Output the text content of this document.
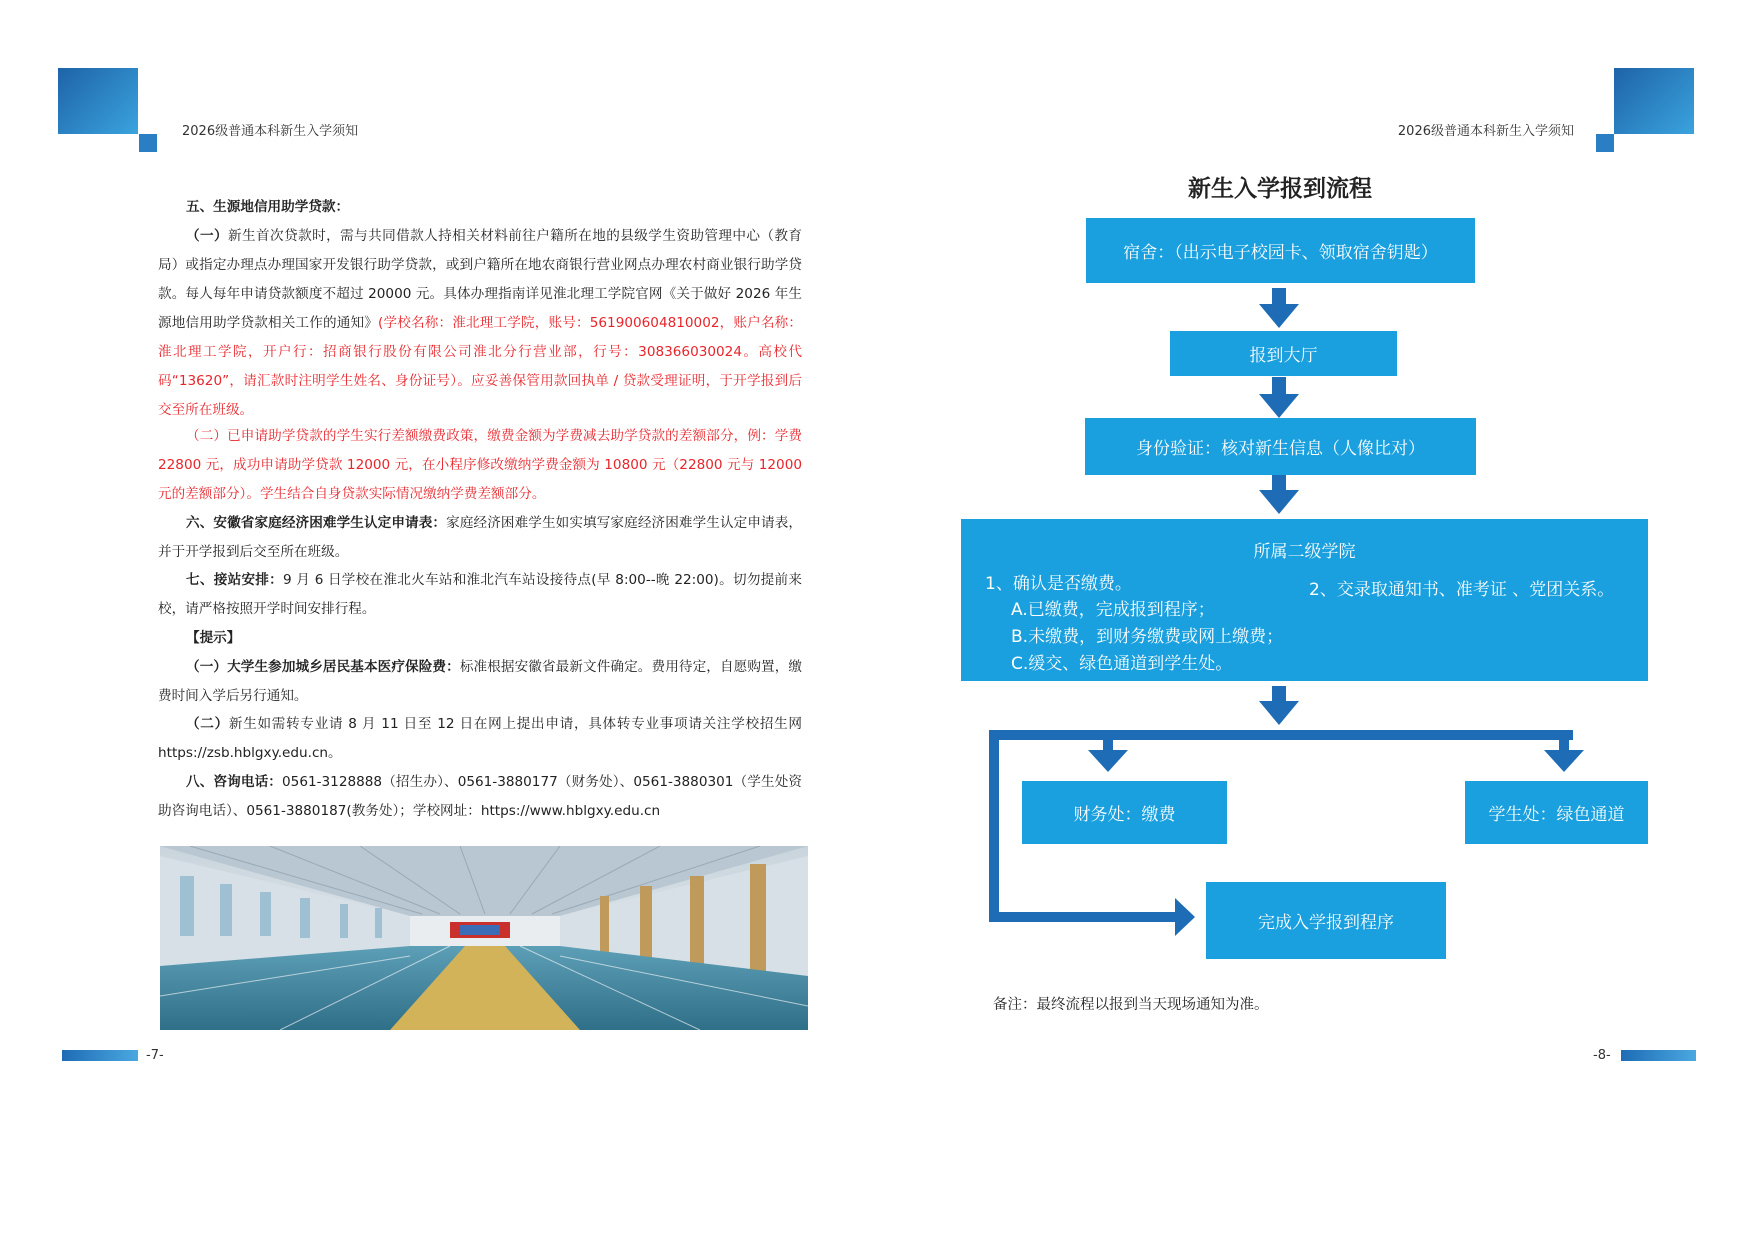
2026级普通本科新生入学须知	2026级普通本科新生入学须知

五、生源地信用助学贷款：

（一）新生首次贷款时，需与共同借款人持相关材料前往户籍所在地的县级学生资助管理中心（教育局）或指定办理点办理国家开发银行助学贷款，或到户籍所在地农商银行营业网点办理农村商业银行助学贷款。每人每年申请贷款额度不超过 20000 元。具体办理指南详见淮北理工学院官网《关于做好 2026 年生源地信用助学贷款相关工作的通知》(学校名称：淮北理工学院，账号：561900604810002，账户名称：淮北理工学院，开户行：招商银行股份有限公司淮北分行营业部，行号：308366030024。高校代码“13620”，请汇款时注明学生姓名、身份证号）。应妥善保管用款回执单 / 贷款受理证明，于开学报到后交至所在班级。

（二）已申请助学贷款的学生实行差额缴费政策，缴费金额为学费减去助学贷款的差额部分，例：学费 22800 元，成功申请助学贷款 12000 元，在小程序修改缴纳学费金额为 10800 元（22800 元与 12000 元的差额部分）。学生结合自身贷款实际情况缴纳学费差额部分。

六、安徽省家庭经济困难学生认定申请表：家庭经济困难学生如实填写家庭经济困难学生认定申请表，并于开学报到后交至所在班级。

七、接站安排：9 月 6 日学校在淮北火车站和淮北汽车站设接待点(早 8:00--晚 22:00)。切勿提前来校，请严格按照开学时间安排行程。

【提示】

（一）大学生参加城乡居民基本医疗保险费：标准根据安徽省最新文件确定。费用待定，自愿购置，缴费时间入学后另行通知。

（二）新生如需转专业请 8 月 11 日至 12 日在网上提出申请，具体转专业事项请关注学校招生网 https://zsb.hblgxy.edu.cn。

八、咨询电话：0561-3128888（招生办）、0561-3880177（财务处）、0561-3880301（学生处资助咨询电话）、0561-3880187(教务处）；学校网址：https://www.hblgxy.edu.cn

-7-	-8-
新生入学报到流程
宿舍：（出示电子校园卡、领取宿舍钥匙）
报到大厅
身份验证：核对新生信息（人像比对）
所属二级学院
1、确认是否缴费。
A.已缴费，完成报到程序；
B.未缴费，到财务缴费或网上缴费；
C.缓交、绿色通道到学生处。
2、交录取通知书、准考证 、党团关系。
财务处：缴费	学生处：绿色通道
完成入学报到程序
备注：最终流程以报到当天现场通知为准。
